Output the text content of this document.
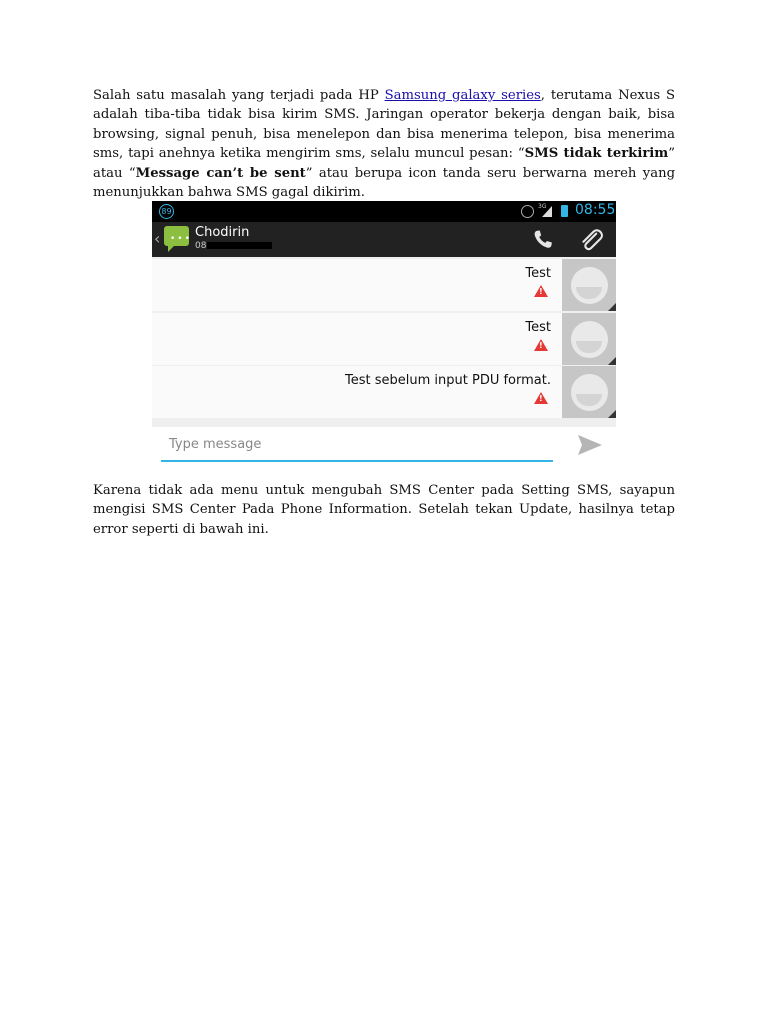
Salah satu masalah yang terjadi pada HP Samsung galaxy series, terutama Nexus S adalah tiba-tiba tidak bisa kirim SMS. Jaringan operator bekerja dengan baik, bisa browsing, signal penuh, bisa menelepon dan bisa menerima telepon, bisa menerima sms, tapi anehnya ketika mengirim sms, selalu muncul pesan: “SMS tidak terkirim” atau “Message can’t be sent” atau berupa icon tanda seru berwarna mereh yang menunjukkan bahwa SMS gagal dikirim.

89
3G 08:55
‹ ••• Chodirin
08
Test
!
Test
!
Test sebelum input PDU format.
!
Type message

Karena tidak ada menu untuk mengubah SMS Center pada Setting SMS, sayapun mengisi SMS Center Pada Phone Information. Setelah tekan Update, hasilnya tetap error seperti di bawah ini.
